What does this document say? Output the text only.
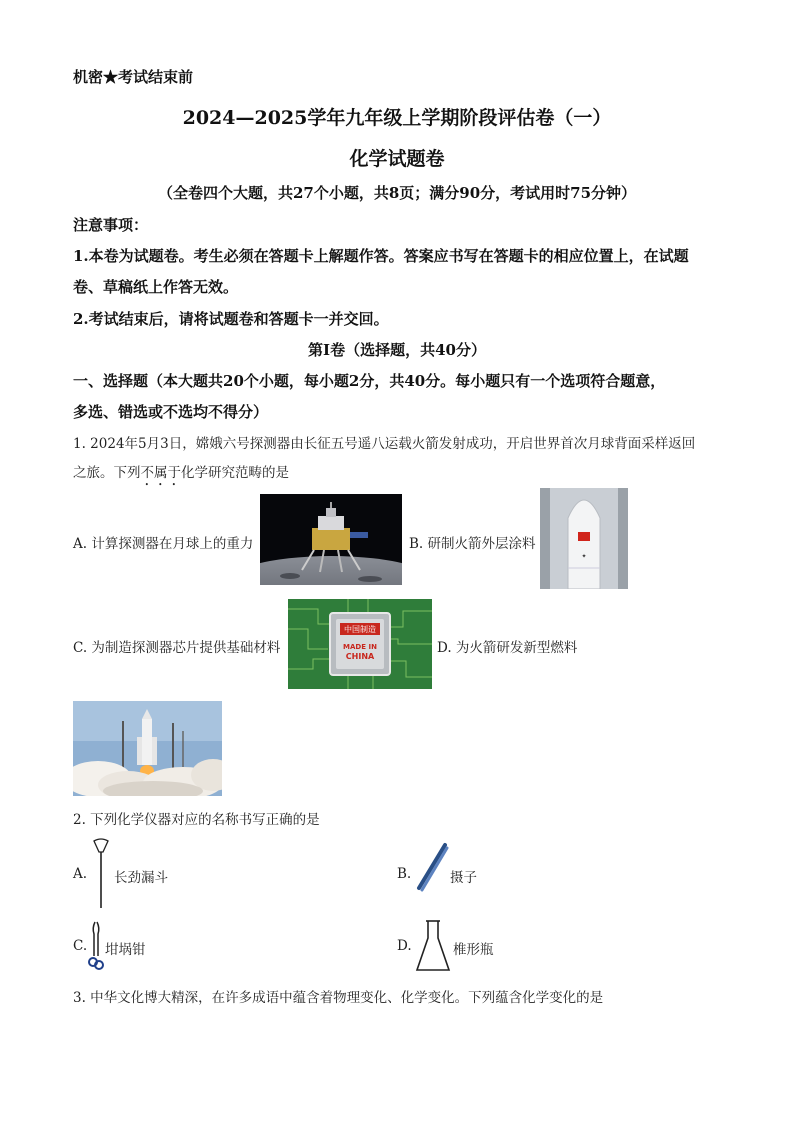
机密★考试结束前
2024—2025学年九年级上学期阶段评估卷（一）
化学试题卷
（全卷四个大题，共27个小题，共8页；满分90分，考试用时75分钟）
注意事项：
1.本卷为试题卷。考生必须在答题卡上解题作答。答案应书写在答题卡的相应位置上，在试题
卷、草稿纸上作答无效。
2.考试结束后，请将试题卷和答题卡一并交回。
第Ⅰ卷（选择题，共40分）
一、选择题（本大题共20个小题，每小题2分，共40分。每小题只有一个选项符合题意，
多选、错选或不选均不得分）
1. 2024年5月3日，嫦娥六号探测器由长征五号遥八运载火箭发射成功，开启世界首次月球背面采样返回
之旅。下列不属于化学研究范畴的是
A. 计算探测器在月球上的重力	B. 研制火箭外层涂料
✦
C. 为制造探测器芯片提供基础材料
中国制造
MADE IN
CHINA
D. 为火箭研发新型燃料
2. 下列化学仪器对应的名称书写正确的是
A. 长劲漏斗	B.	摄子
C. 坩埚钳	D.	椎形瓶
3. 中华文化博大精深，在许多成语中蕴含着物理变化、化学变化。下列蕴含化学变化的是
